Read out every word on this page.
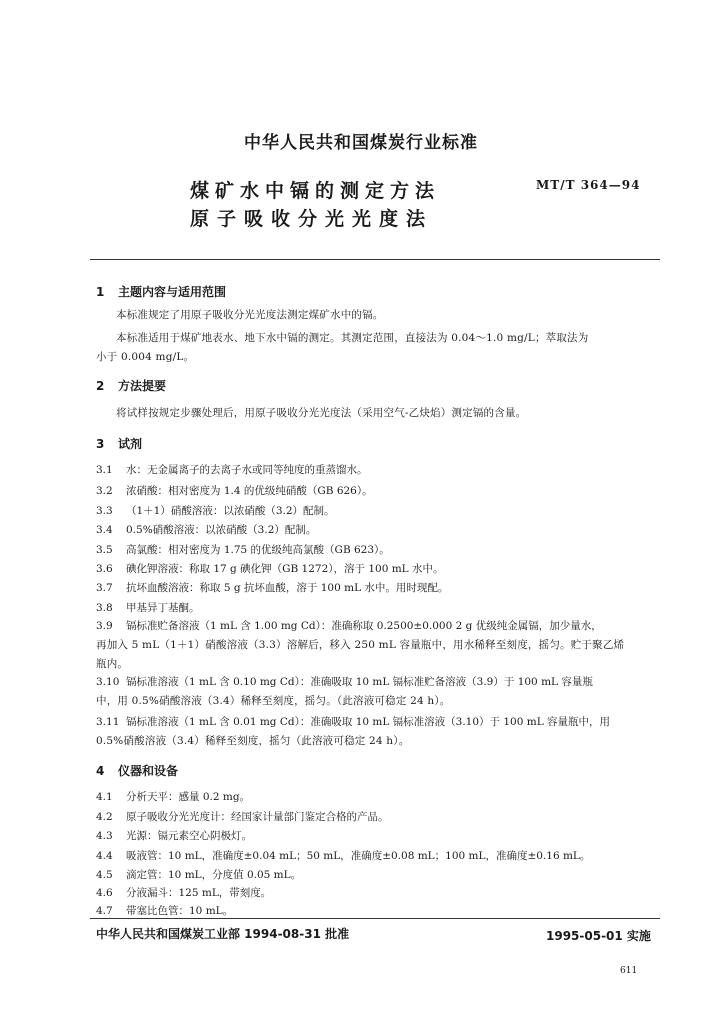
中华人民共和国煤炭行业标准
煤矿水中镉的测定方法
原子吸收分光光度法
MT/T 364—94
1 主题内容与适用范围
本标准规定了用原子吸收分光光度法测定煤矿水中的镉。
本标准适用于煤矿地表水、地下水中镉的测定。其测定范围，直接法为 0.04～1.0 mg/L；萃取法为
小于 0.004 mg/L。
2 方法提要
将试样按规定步骤处理后，用原子吸收分光光度法（采用空气-乙炔焰）测定镉的含量。
3 试剂
3.1 水：无金属离子的去离子水或同等纯度的重蒸馏水。
3.2 浓硝酸：相对密度为 1.4 的优级纯硝酸（GB 626）。
3.3 （1＋1）硝酸溶液：以浓硝酸（3.2）配制。
3.4 0.5%硝酸溶液：以浓硝酸（3.2）配制。
3.5 高氯酸：相对密度为 1.75 的优级纯高氯酸（GB 623）。
3.6 碘化钾溶液：称取 17 g 碘化钾（GB 1272），溶于 100 mL 水中。
3.7 抗坏血酸溶液：称取 5 g 抗坏血酸，溶于 100 mL 水中。用时现配。
3.8 甲基异丁基酮。
3.9 镉标准贮备溶液（1 mL 含 1.00 mg Cd）：准确称取 0.2500±0.000 2 g 优级纯金属镉，加少量水，
再加入 5 mL（1＋1）硝酸溶液（3.3）溶解后，移入 250 mL 容量瓶中，用水稀释至刻度，摇匀。贮于聚乙烯
瓶内。
3.10 镉标准溶液（1 mL 含 0.10 mg Cd）：准确吸取 10 mL 镉标准贮备溶液（3.9）于 100 mL 容量瓶
中，用 0.5%硝酸溶液（3.4）稀释至刻度，摇匀。（此溶液可稳定 24 h）。
3.11 镉标准溶液（1 mL 含 0.01 mg Cd）：准确吸取 10 mL 镉标准溶液（3.10）于 100 mL 容量瓶中，用
0.5%硝酸溶液（3.4）稀释至刻度，摇匀（此溶液可稳定 24 h）。
4 仪器和设备
4.1 分析天平：感量 0.2 mg。
4.2 原子吸收分光光度计：经国家计量部门鉴定合格的产品。
4.3 光源：镉元素空心阴极灯。
4.4 吸液管：10 mL，准确度±0.04 mL；50 mL，准确度±0.08 mL；100 mL，准确度±0.16 mL。
4.5 滴定管：10 mL，分度值 0.05 mL。
4.6 分液漏斗：125 mL，带刻度。
4.7 带塞比色管：10 mL。
中华人民共和国煤炭工业部 1994-08-31 批准	1995-05-01 实施
611
